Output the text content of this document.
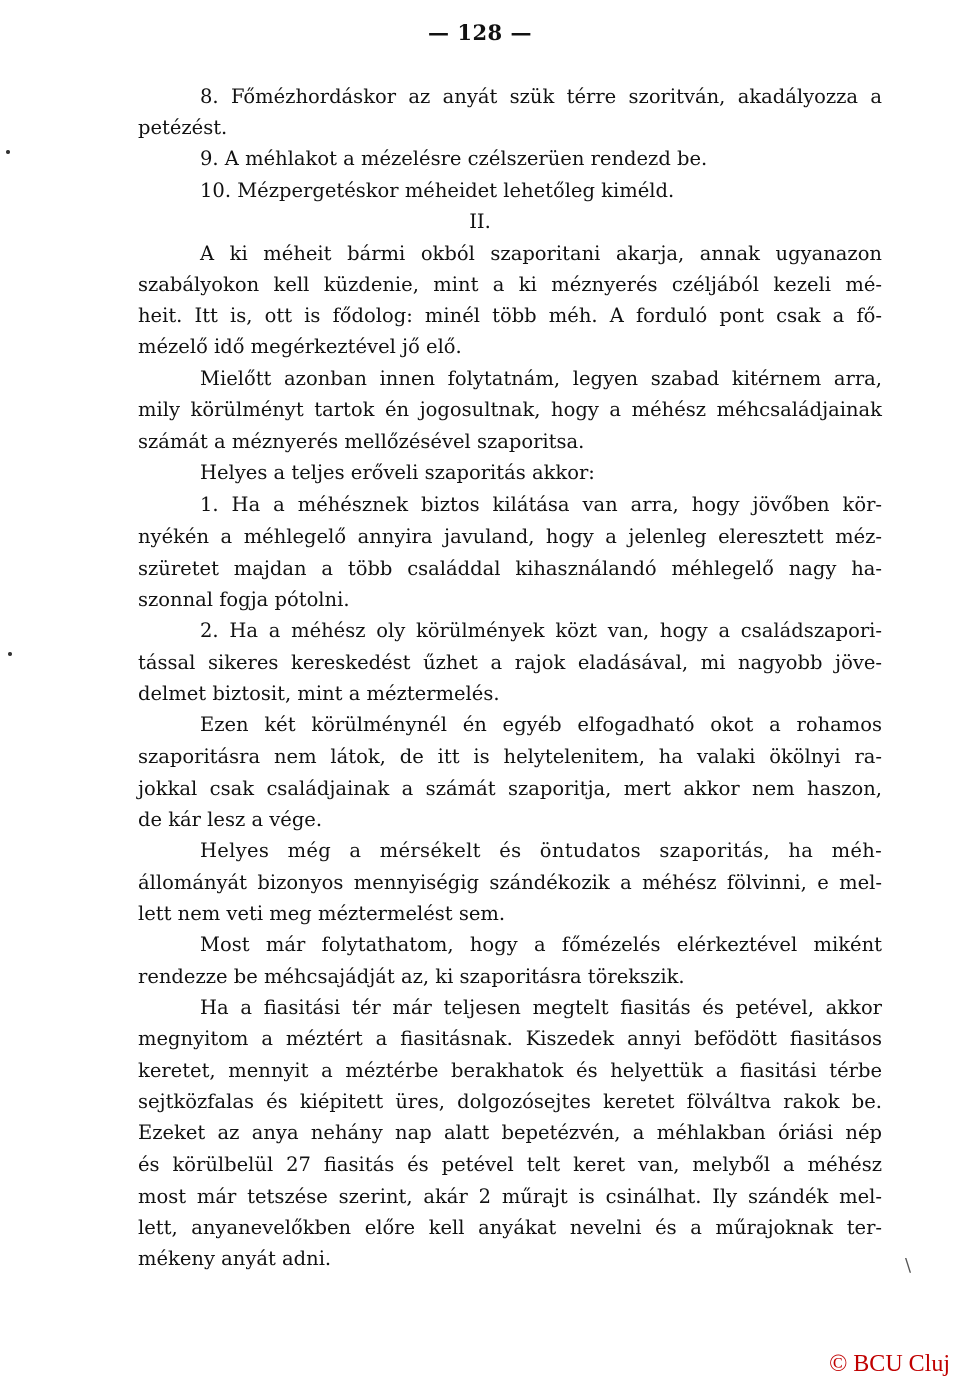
— 128 —
8. Főmézhordáskor az anyát szük térre szoritván, akadályozza a
petézést.
9. A méhlakot a mézelésre czélszerüen rendezd be.
10. Mézpergetéskor méheidet lehetőleg kiméld.
II.
A ki méheit bármi okból szaporitani akarja, annak ugyanazon
szabályokon kell küzdenie, mint a ki méznyerés czéljából kezeli mé-
heit. Itt is, ott is fődolog: minél több méh. A forduló pont csak a fő-
mézelő idő megérkeztével jő elő.
Mielőtt azonban innen folytatnám, legyen szabad kitérnem arra,
mily körülményt tartok én jogosultnak, hogy a méhész méhcsaládjainak
számát a méznyerés mellőzésével szaporitsa.
Helyes a teljes erőveli szaporitás akkor:
1. Ha a méhésznek biztos kilátása van arra, hogy jövőben kör-
nyékén a méhlegelő annyira javuland, hogy a jelenleg eleresztett méz-
szüretet majdan a több családdal kihasználandó méhlegelő nagy ha-
szonnal fogja pótolni.
2. Ha a méhész oly körülmények közt van, hogy a családszapori-
tással sikeres kereskedést űzhet a rajok eladásával, mi nagyobb jöve-
delmet biztosit, mint a méztermelés.
Ezen két körülménynél én egyéb elfogadható okot a rohamos
szaporitásra nem látok, de itt is helytelenitem, ha valaki ökölnyi ra-
jokkal csak családjainak a számát szaporitja, mert akkor nem haszon,
de kár lesz a vége.
Helyes még a mérsékelt és öntudatos szaporitás, ha méh-
állományát bizonyos mennyiségig szándékozik a méhész fölvinni, e mel-
lett nem veti meg méztermelést sem.
Most már folytathatom, hogy a főmézelés elérkeztével miként
rendezze be méhcsajádját az, ki szaporitásra törekszik.
Ha a fiasitási tér már teljesen megtelt fiasitás és petével, akkor
megnyitom a méztért a fiasitásnak. Kiszedek annyi befödött fiasitásos
keretet, mennyit a méztérbe berakhatok és helyettük a fiasitási térbe
sejtközfalas és kiépitett üres, dolgozósejtes keretet fölváltva rakok be.
Ezeket az anya nehány nap alatt bepetézvén, a méhlakban óriási nép
és körülbelül 27 fiasitás és petével telt keret van, melyből a méhész
most már tetszése szerint, akár 2 műrajt is csinálhat. Ily szándék mel-
lett, anyanevelőkben előre kell anyákat nevelni és a műrajoknak ter-
mékeny anyát adni.	\
© BCU Cluj
